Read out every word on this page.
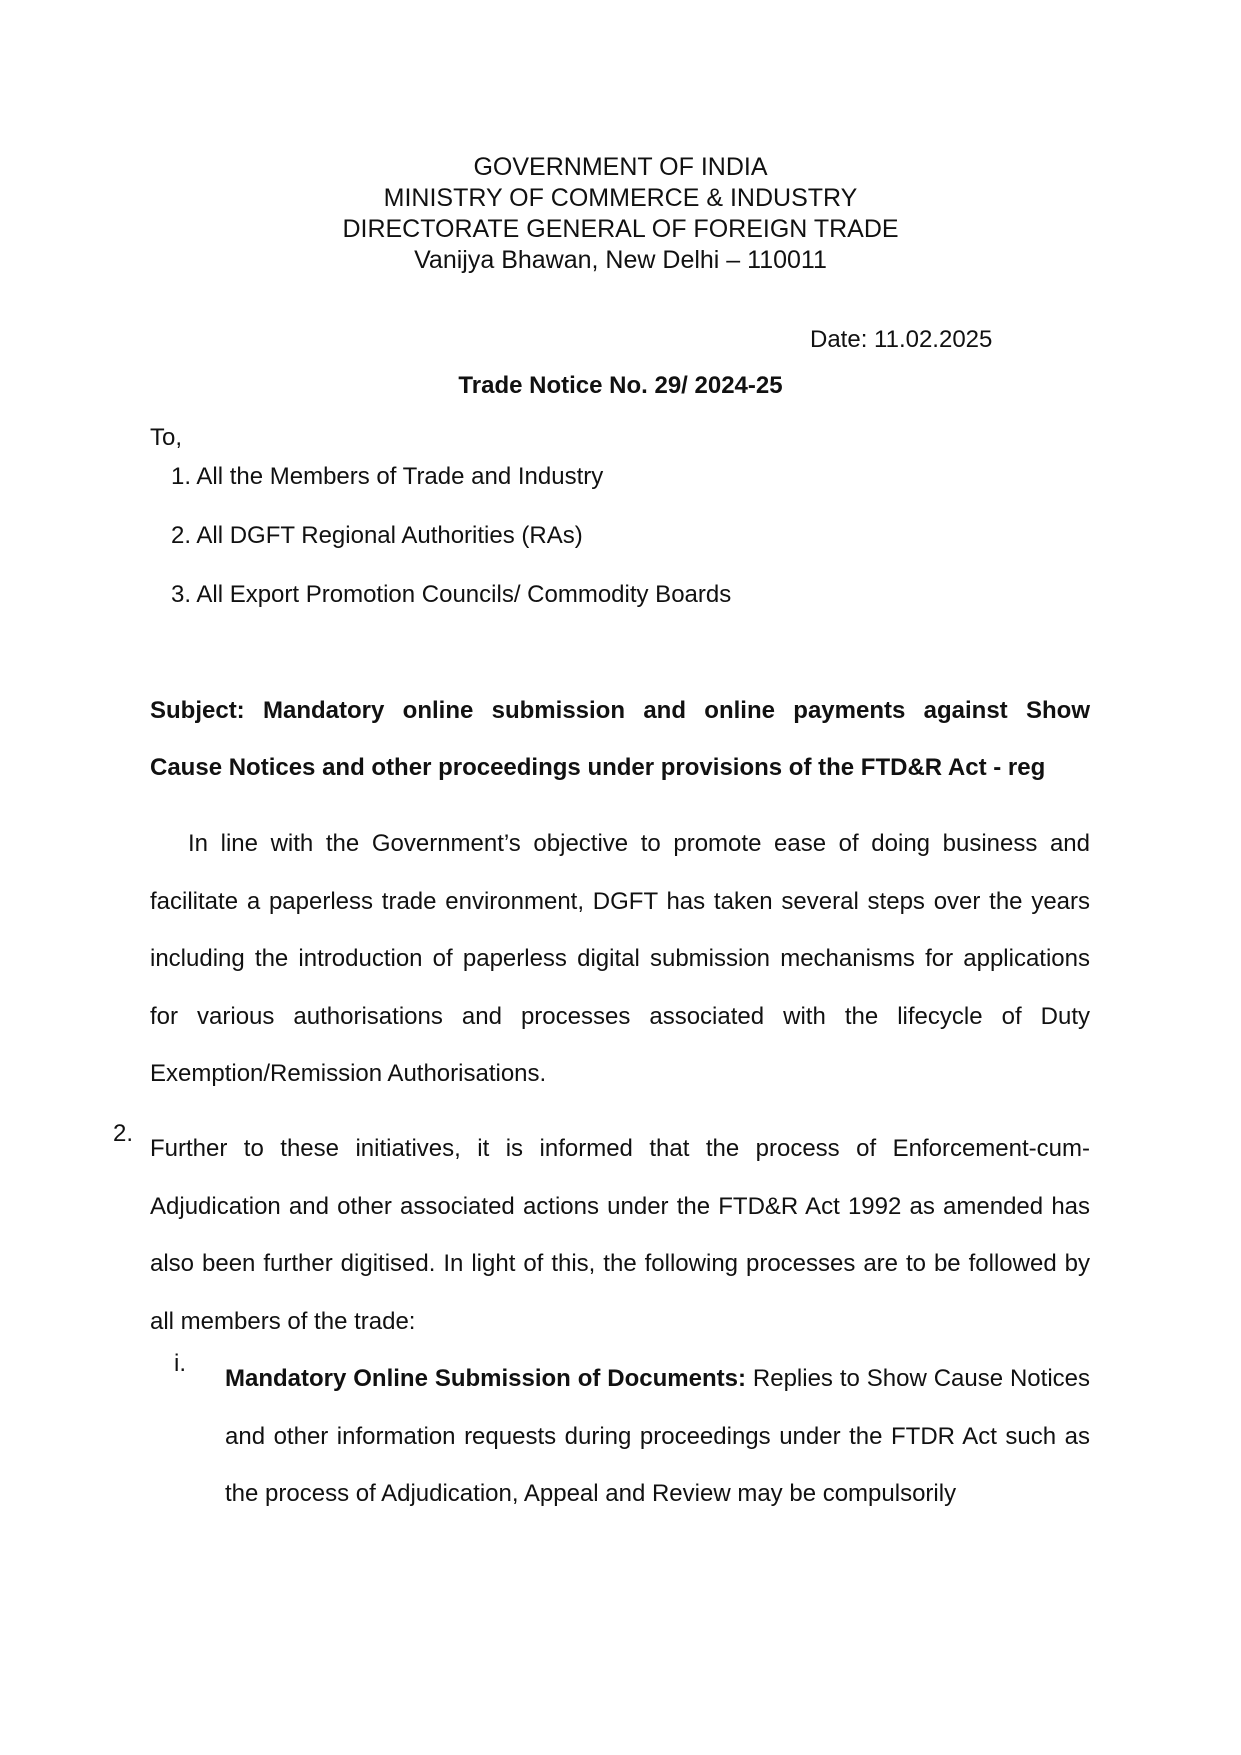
GOVERNMENT OF INDIA
MINISTRY OF COMMERCE & INDUSTRY
DIRECTORATE GENERAL OF FOREIGN TRADE
Vanijya Bhawan, New Delhi – 110011
Date: 11.02.2025
Trade Notice No. 29/ 2024-25
To,
1. All the Members of Trade and Industry
2. All DGFT Regional Authorities (RAs)
3. All Export Promotion Councils/ Commodity Boards
Subject: Mandatory online submission and online payments against Show
Cause Notices and other proceedings under provisions of the FTD&R Act - reg
In line with the Government’s objective to promote ease of doing business and facilitate a paperless trade environment, DGFT has taken several steps over the years including the introduction of paperless digital submission mechanisms for applications for various authorisations and processes associated with the lifecycle of Duty Exemption/Remission Authorisations.
2.
Further to these initiatives, it is informed that the process of Enforcement-cum- Adjudication and other associated actions under the FTD&R Act 1992 as amended has also been further digitised. In light of this, the following processes are to be followed by all members of the trade:
i.
Mandatory Online Submission of Documents: Replies to Show Cause Notices and other information requests during proceedings under the FTDR Act such as the process of Adjudication, Appeal and Review may be compulsorily
